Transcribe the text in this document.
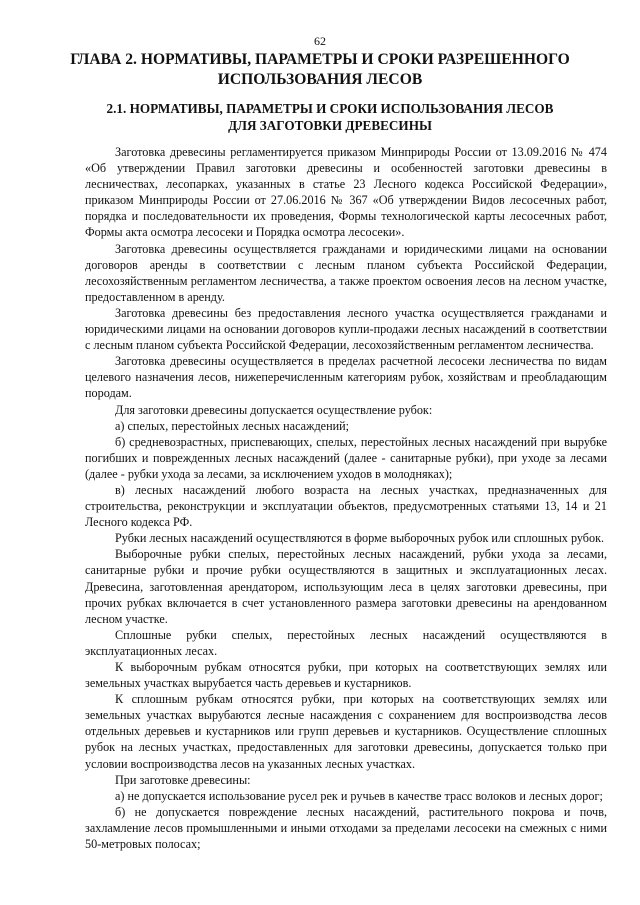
62
ГЛАВА 2. НОРМАТИВЫ, ПАРАМЕТРЫ И СРОКИ РАЗРЕШЕННОГО ИСПОЛЬЗОВАНИЯ ЛЕСОВ
2.1. НОРМАТИВЫ, ПАРАМЕТРЫ И СРОКИ ИСПОЛЬЗОВАНИЯ ЛЕСОВ ДЛЯ ЗАГОТОВКИ ДРЕВЕСИНЫ

Заготовка древесины регламентируется приказом Минприроды России от 13.09.2016 № 474 «Об утверждении Правил заготовки древесины и особенностей заготовки древесины в лесничествах, лесопарках, указанных в статье 23 Лесного кодекса Российской Федерации», приказом Минприроды России от 27.06.2016 № 367 «Об утверждении Видов лесосечных работ, порядка и последовательности их проведения, Формы технологической карты лесосечных работ, Формы акта осмотра лесосеки и Порядка осмотра лесосеки».

Заготовка древесины осуществляется гражданами и юридическими лицами на основании договоров аренды в соответствии с лесным планом субъекта Российской Федерации, лесохозяйственным регламентом лесничества, а также проектом освоения лесов на лесном участке, предоставленном в аренду.

Заготовка древесины без предоставления лесного участка осуществляется гражданами и юридическими лицами на основании договоров купли-продажи лесных насаждений в соответствии с лесным планом субъекта Российской Федерации, лесохозяйственным регламентом лесничества.

Заготовка древесины осуществляется в пределах расчетной лесосеки лесничества по видам целевого назначения лесов, нижеперечисленным категориям рубок, хозяйствам и преобладающим породам.

Для заготовки древесины допускается осуществление рубок:

а) спелых, перестойных лесных насаждений;

б) средневозрастных, приспевающих, спелых, перестойных лесных насаждений при вырубке погибших и поврежденных лесных насаждений (далее - санитарные рубки), при уходе за лесами (далее - рубки ухода за лесами, за исключением уходов в молодняках);

в) лесных насаждений любого возраста на лесных участках, предназначенных для строительства, реконструкции и эксплуатации объектов, предусмотренных статьями 13, 14 и 21 Лесного кодекса РФ.

Рубки лесных насаждений осуществляются в форме выборочных рубок или сплошных рубок.

Выборочные рубки спелых, перестойных лесных насаждений, рубки ухода за лесами, санитарные рубки и прочие рубки осуществляются в защитных и эксплуатационных лесах. Древесина, заготовленная арендатором, использующим леса в целях заготовки древесины, при прочих рубках включается в счет установленного размера заготовки древесины на арендованном лесном участке.

Сплошные рубки спелых, перестойных лесных насаждений осуществляются в эксплуатационных лесах.

К выборочным рубкам относятся рубки, при которых на соответствующих землях или земельных участках вырубается часть деревьев и кустарников.

К сплошным рубкам относятся рубки, при которых на соответствующих землях или земельных участках вырубаются лесные насаждения с сохранением для воспроизводства лесов отдельных деревьев и кустарников или групп деревьев и кустарников. Осуществление сплошных рубок на лесных участках, предоставленных для заготовки древесины, допускается только при условии воспроизводства лесов на указанных лесных участках.

При заготовке древесины:

а) не допускается использование русел рек и ручьев в качестве трасс волоков и лесных дорог;

б) не допускается повреждение лесных насаждений, растительного покрова и почв, захламление лесов промышленными и иными отходами за пределами лесосеки на смежных с ними 50-метровых полосах;
